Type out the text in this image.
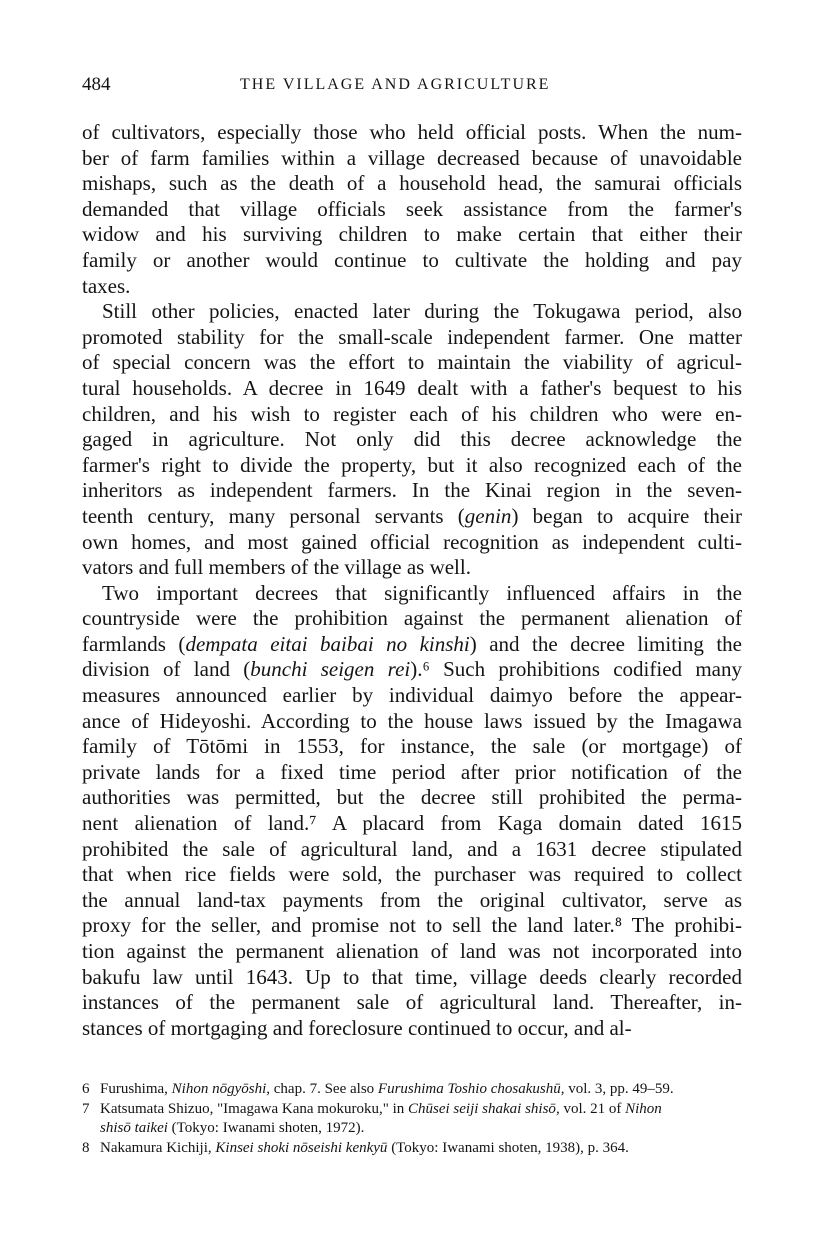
484	THE VILLAGE AND AGRICULTURE
of cultivators, especially those who held official posts. When the num-
ber of farm families within a village decreased because of unavoidable
mishaps, such as the death of a household head, the samurai officials
demanded that village officials seek assistance from the farmer's
widow and his surviving children to make certain that either their
family or another would continue to cultivate the holding and pay
taxes.
Still other policies, enacted later during the Tokugawa period, also
promoted stability for the small-scale independent farmer. One matter
of special concern was the effort to maintain the viability of agricul-
tural households. A decree in 1649 dealt with a father's bequest to his
children, and his wish to register each of his children who were en-
gaged in agriculture. Not only did this decree acknowledge the
farmer's right to divide the property, but it also recognized each of the
inheritors as independent farmers. In the Kinai region in the seven-
teenth century, many personal servants (genin) began to acquire their
own homes, and most gained official recognition as independent culti-
vators and full members of the village as well.
Two important decrees that significantly influenced affairs in the
countryside were the prohibition against the permanent alienation of
farmlands (dempata eitai baibai no kinshi) and the decree limiting the
division of land (bunchi seigen rei).⁶ Such prohibitions codified many
measures announced earlier by individual daimyo before the appear-
ance of Hideyoshi. According to the house laws issued by the Imagawa
family of Tōtōmi in 1553, for instance, the sale (or mortgage) of
private lands for a fixed time period after prior notification of the
authorities was permitted, but the decree still prohibited the perma-
nent alienation of land.⁷ A placard from Kaga domain dated 1615
prohibited the sale of agricultural land, and a 1631 decree stipulated
that when rice fields were sold, the purchaser was required to collect
the annual land-tax payments from the original cultivator, serve as
proxy for the seller, and promise not to sell the land later.⁸ The prohibi-
tion against the permanent alienation of land was not incorporated into
bakufu law until 1643. Up to that time, village deeds clearly recorded
instances of the permanent sale of agricultural land. Thereafter, in-
stances of mortgaging and foreclosure continued to occur, and al-
6 Furushima, Nihon nōgyōshi, chap. 7. See also Furushima Toshio chosakushū, vol. 3, pp. 49–59.
7 Katsumata Shizuo, "Imagawa Kana mokuroku," in Chūsei seiji shakai shisō, vol. 21 of Nihon
shisō taikei (Tokyo: Iwanami shoten, 1972).
8 Nakamura Kichiji, Kinsei shoki nōseishi kenkyū (Tokyo: Iwanami shoten, 1938), p. 364.
